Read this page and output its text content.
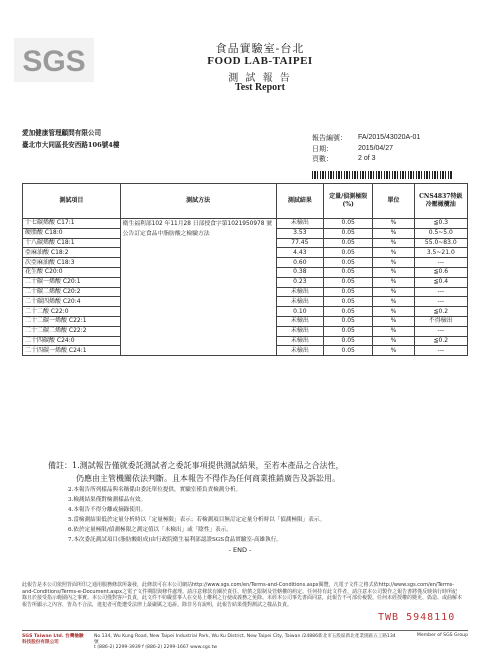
SGS	食品實驗室-台北
FOOD LAB-TAIPEI
測 試 報 告
Test Report
愛加健康管理顧問有限公司
臺北市大同區長安西路106號4樓
報告編號：	FA/2015/43020A-01
日期：	2015/04/27
頁數：	2 of 3
測試項目	測試方法	測試結果	定量/偵測極限(%)	單位	CNS4837特級冷壓橄欖油
十七碳烯酸 C17:1	衛生福利部102 年11月28 日部授食字第1021950978 號公告訂定食品中脂肪酸之檢驗方法	未檢出	0.05	%	≦0.3
硬脂酸 C18:0		3.53	0.05	%	0.5~5.0
十八碳烯酸 C18:1		77.45	0.05	%	55.0~83.0
亞麻油酸 C18:2		4.43	0.05	%	3.5~21.0
次亞麻油酸 C18:3		0.60	0.05	%	---
花生酸 C20:0		0.38	0.05	%	≦0.6
二十碳一烯酸 C20:1		0.23	0.05	%	≦0.4
二十碳二烯酸 C20:2		未檢出	0.05	%	---
二十碳四烯酸 C20:4		未檢出	0.05	%	---
二十二酸 C22:0		0.10	0.05	%	≦0.2
二十二碳一烯酸 C22:1		未檢出	0.05	%	不得檢出
二十二碳二烯酸 C22:2		未檢出	0.05	%	---
二十四碳酸 C24:0		未檢出	0.05	%	≦0.2
二十四碳一烯酸 C24:1		未檢出	0.05	%	---
備註：1.測試報告僅就委託測試者之委託事項提供測試結果，至若本產品之合法性，
仍應由主管機關依法判斷。且本報告不得作為任何商業推銷廣告及訴訟用。
2.本報告所列樣品與名稱係由委託單位提供，實驗室僅負責檢測分析。
3.檢測結果僅對檢測樣品有效。
4.本報告不得分離或摘錄使用。
5.當檢測結果低於定量分析時以「定量極限」表示；若檢測項目無訂定定量分析時以「偵測極限」表示。
6.依於定量極限/偵測極限之測定值以「未檢出」或「陰性」表示。
7.本次委託測試項目(脂肪酸組成)由行政院衛生福利部認證SGS食品實驗室-高雄執行。
- END -
此報告是本公司依照背面所印之通用服務條款所簽發，此條款可在本公司網站http://www.sgs.com/en/Terms-and-Conditions.aspx閱覽，凡電子文件之格式依http://www.sgs.com/en/Terms-and-Conditions/Terms-e-Document.aspx之電子文件期限與條件處理。請注意條款有關於責任、賠償之限制及管轄權的約定。任何持有此文件者，請注意本公司製作之報告書將僅反映執行時所紀錄且於接受指示範圍內之事實。本公司僅對客戶負責，此文件不妨礙當事人在交易上權利之行使或義務之免除。未經本公司事先書面同意，此報告不可部份複製。任何未經授權的變更、偽造、或曲解本報告所顯示之內容，皆為不合法，違犯者可能遭受法律上最嚴厲之追訴。除非另有說明，此報告結果僅對測試之樣品負責。
TWB 5948110
SGS Taiwan Ltd. 台灣檢驗科技股份有限公司
No.134, Wu Kung Road, New Taipei Industrial Park, Wu Ku District, New Taipei City, Taiwan /24886新北市五股區新北產業園區五工路134號
t (886-2) 2299-3939 f (886-2) 2299-1667 www.sgs.tw
Member of SGS Group
